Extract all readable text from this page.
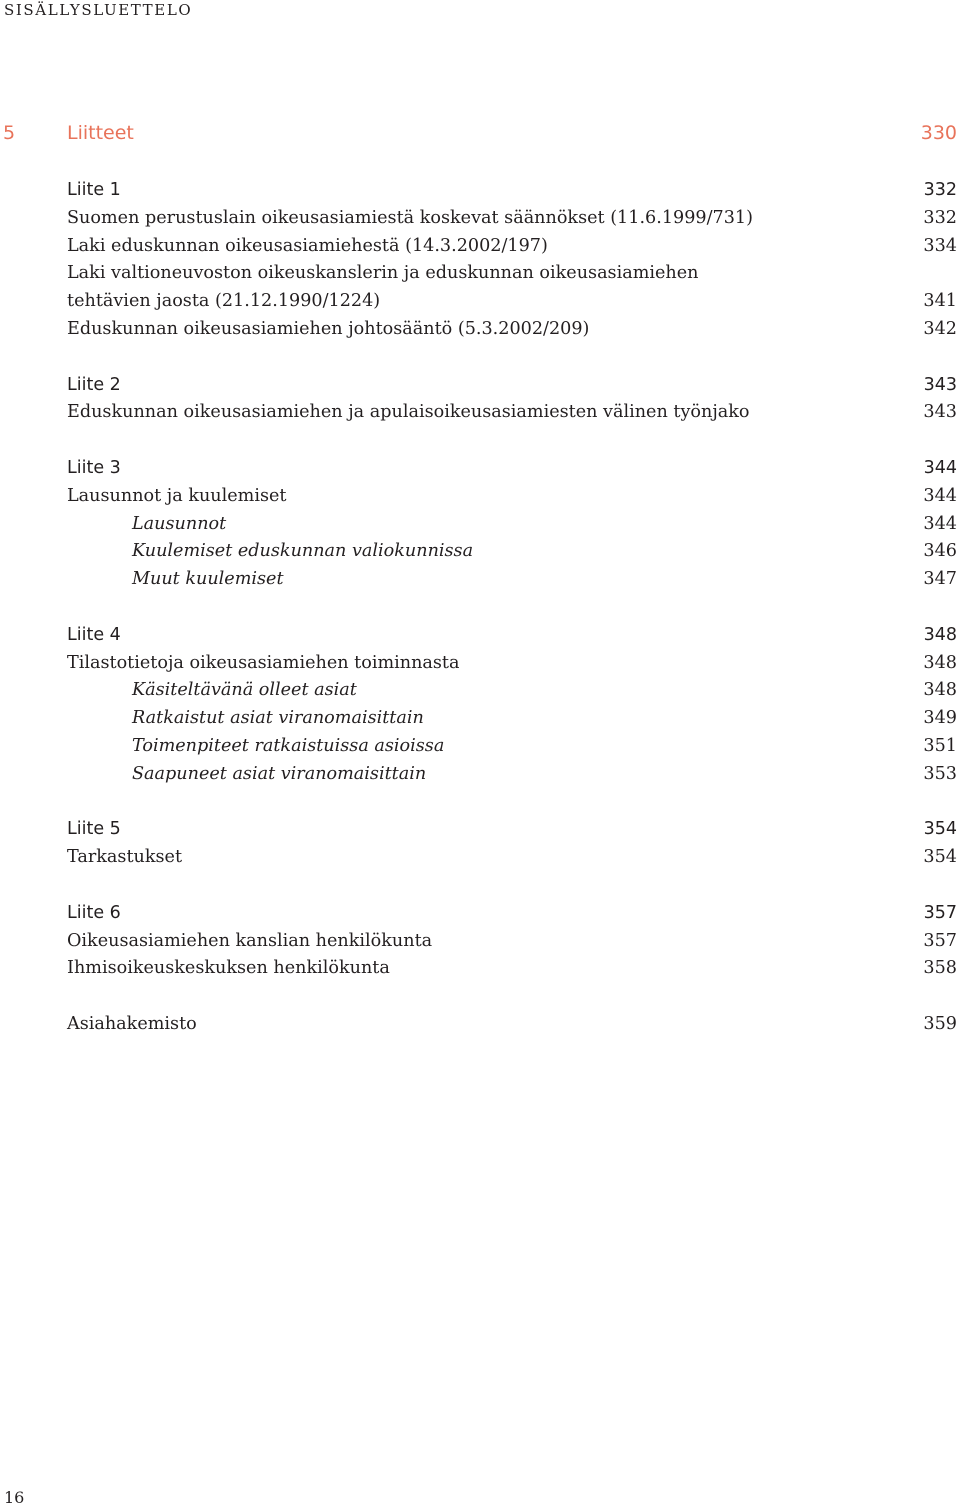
SISÄLLYSLUETTELO
5	Liitteet	330
Liite 1	332
Suomen perustuslain oikeusasiamiestä koskevat säännökset (11.6.1999/731)	332
Laki eduskunnan oikeusasiamiehestä (14.3.2002/197)	334
Laki valtioneuvoston oikeuskanslerin ja eduskunnan oikeusasiamiehen
tehtävien jaosta (21.12.1990/1224)	341
Eduskunnan oikeusasiamiehen johtosääntö (5.3.2002/209)	342
Liite 2	343
Eduskunnan oikeusasiamiehen ja apulaisoikeusasiamiesten välinen työnjako	343
Liite 3	344
Lausunnot ja kuulemiset	344
Lausunnot	344
Kuulemiset eduskunnan valiokunnissa	346
Muut kuulemiset	347
Liite 4	348
Tilastotietoja oikeusasiamiehen toiminnasta	348
Käsiteltävänä olleet asiat	348
Ratkaistut asiat viranomaisittain	349
Toimenpiteet ratkaistuissa asioissa	351
Saapuneet asiat viranomaisittain	353
Liite 5	354
Tarkastukset	354
Liite 6	357
Oikeusasiamiehen kanslian henkilökunta	357
Ihmisoikeuskeskuksen henkilökunta	358
Asiahakemisto	359
16
